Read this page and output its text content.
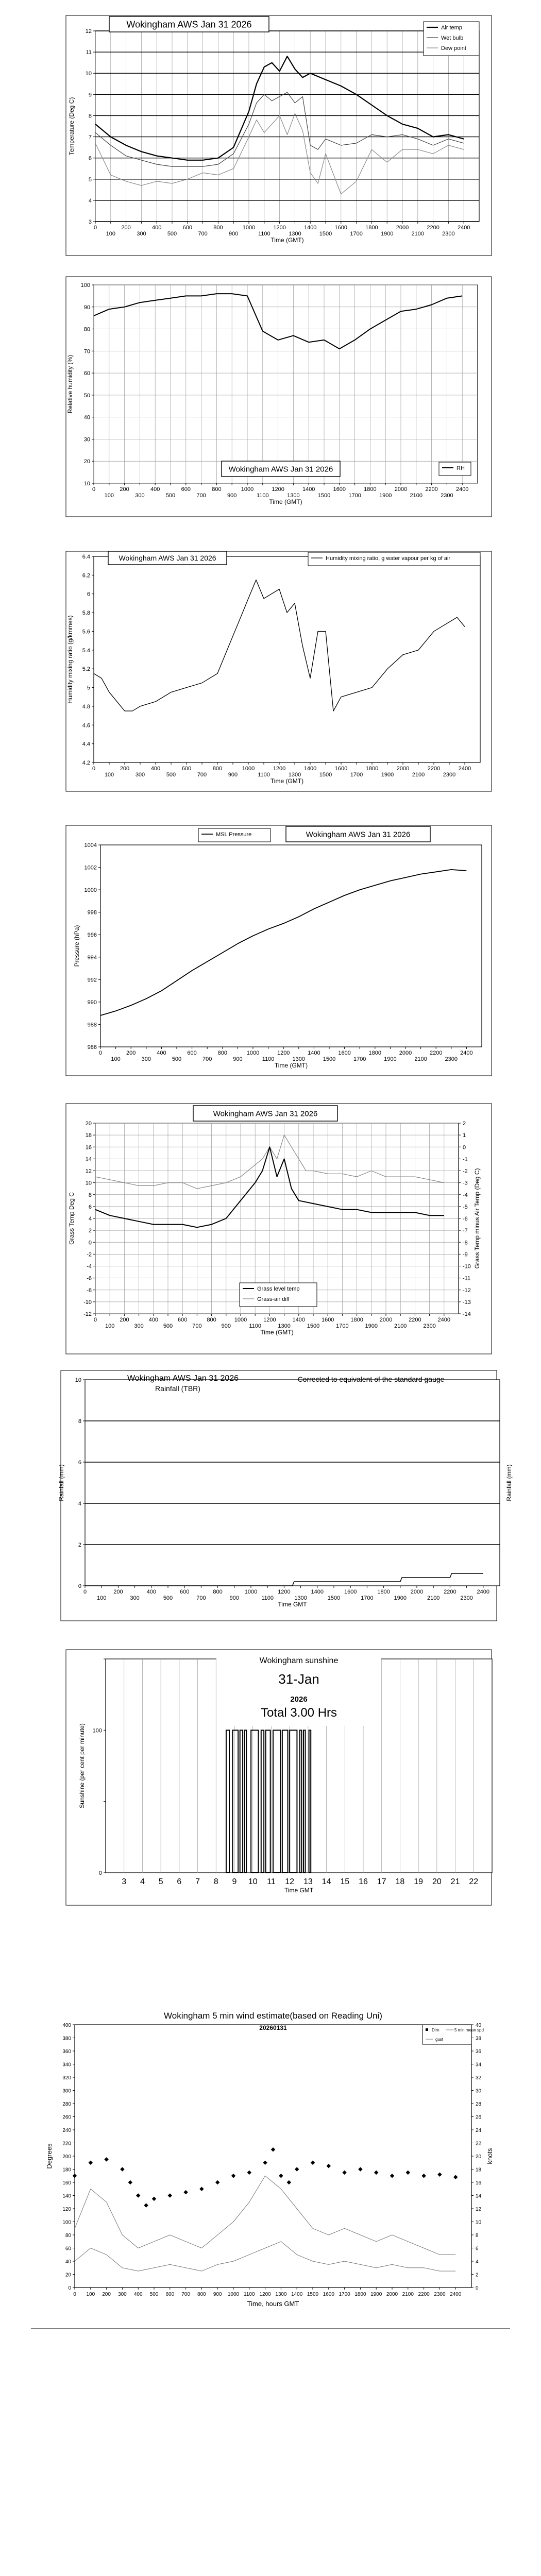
3
4
5
6
7
8
9
10
11
12
0
100
200
300
400
500
600
700
800
900
1000
1100
1200
1300
1400
1500
1600
1700
1800
1900
2000
2100
2200
2300
2400
Time (GMT)
Temperature (Deg C)
Wokingham AWS Jan 31 2026	Air temp
Wet bulb
Dew point
10
20
30
40
50
60
70
80
90
100
0
100
200
300
400
500
600
700
800
900
1000
1100
1200
1300
1400
1500
1600
1700
1800
1900
2000
2100
2200
2300
2400
Time (GMT)
Relative humidity (%)
Wokingham AWS Jan 31 2026	RH
4.2
4.4
4.6
4.8
5
5.2
5.4
5.6
5.8
6
6.2
6.4
0
100
200
300
400
500
600
700
800
900
1000
1100
1200
1300
1400
1500
1600
1700
1800
1900
2000
2100
2200
2300
2400
Time (GMT)
Humidity mixing ratio (g/kmmes)
Wokingham AWS Jan 31 2026	Humidity mixing ratio, g water vapour per kg of air
986
988
990
992
994
996
998
1000
1002
1004
0
100
200
300
400
500
600
700
800
900
1000
1100
1200
1300
1400
1500
1600
1700
1800
1900
2000
2100
2200
2300
2400
Time (GMT)
Pressure (hPa)
MSL Pressure	Wokingham AWS Jan 31 2026
-12
-10
-8
-6
-4
-2
0
2
4
6
8
10
12
14
16
18
20
0
100
200
300
400
500
600
700
800
900
1000
1100
1200
1300
1400
1500
1600
1700
1800
1900
2000
2100
2200
2300
2400
Time (GMT)
Grass Temp Deg C
-14
-13
-12
-11
-10
-9
-8
-7
-6
-5
-4
-3
-2
-1
0
1
2
Grass Temp minus Air Temp (Deg C)
Wokingham AWS Jan 31 2026
Grass level temp
Grass-air diff
0
2
4
6
8
10
0
100
200
300
400
500
600
700
800
900
1000
1100
1200
1300
1400
1500
1600
1700
1800
1900
2000
2100
2200
2300
2400
Time GMT
Rainfall (mm)	Rainfall (mm)
Wokingham AWS Jan 31 2026
Rainfall (TBR)
Corrected to equivalent of the standard gauge
0
100
3 4 5 6 7 8 9 10 11 12 13 14 15 16 17 18 19 20 21 22
Time GMT
Sunshine (per cent per minute)
Wokingham sunshine
31-Jan
2026
Total 3.00 Hrs
0
20
40
60
80
100
120
140
160
180
200
220
240
260
280
300
320
340
360
380
400
0
2
4
6
8
10
12
14
16
18
20
22
24
26
28
30
32
34
36
38
40
0 100 200 300 400 500 600 700 800 900 1000 1100 1200 1300 1400 1500 1600 1700 1800 1900 2000 2100 2200 2300 2400
Time, hours GMT
Degrees	knots
Wokingham 5 min wind estimate(based on Reading Uni)
20260131	Dirn	5 min mean spd
gust
